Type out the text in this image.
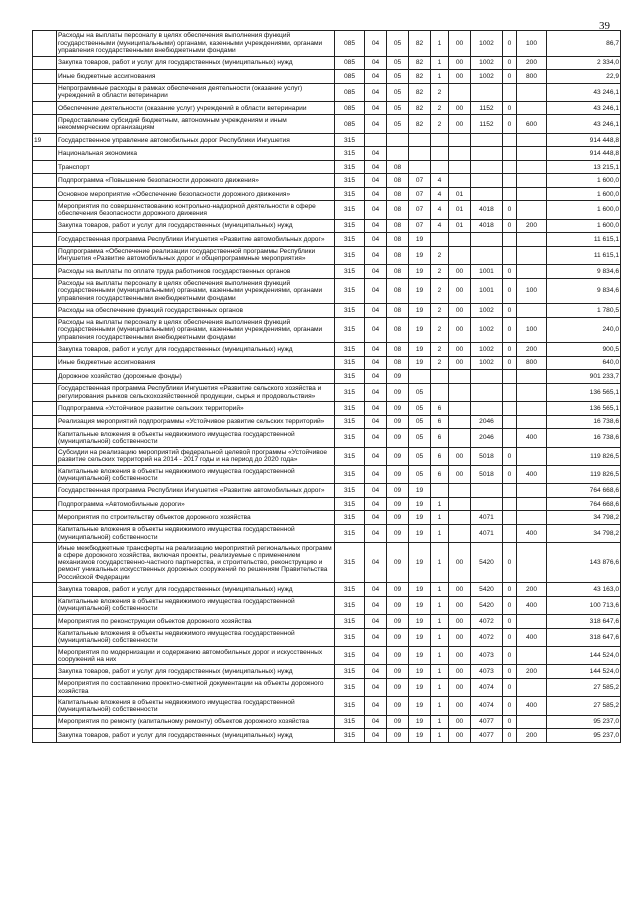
39
	Расходы на выплаты персоналу в целях обеспечения выполнения функций государственными (муниципальными) органами, казенными учреждениями, органами управления государственными внебюджетными фондами	085	04	05	82	1	00	1002	0	100	86,7
	Закупка товаров, работ и услуг для государственных (муниципальных) нужд	085	04	05	82	1	00	1002	0	200	2 334,0
	Иные бюджетные ассигнования	085	04	05	82	1	00	1002	0	800	22,9
	Непрограммные расходы в рамках обеспечения деятельности (оказание услуг) учреждений в области ветеринарии	085	04	05	82	2					43 246,1
	Обеспечение деятельности (оказание услуг) учреждений в области ветеринарии	085	04	05	82	2	00	1152	0		43 246,1
	Предоставление субсидий бюджетным, автономным учреждениям и иным некоммерческим организациям	085	04	05	82	2	00	1152	0	600	43 246,1
19	Государственное управление автомобильных дорог Республики Ингушетия	315									914 448,8
	Национальная экономика	315	04								914 448,8
	Транспорт	315	04	08							13 215,1
	Подпрограмма «Повышение безопасности дорожного движения»	315	04	08	07	4					1 600,0
	Основное мероприятие «Обеспечение безопасности дорожного движения»	315	04	08	07	4	01				1 600,0
	Мероприятия по совершенствованию контрольно-надзорной деятельности в сфере обеспечения безопасности дорожного движения	315	04	08	07	4	01	4018	0		1 600,0
	Закупка товаров, работ и услуг для государственных (муниципальных) нужд	315	04	08	07	4	01	4018	0	200	1 600,0
	Государственная программа Республики Ингушетия «Развитие автомобильных дорог»	315	04	08	19						11 615,1
	Подпрограмма «Обеспечение реализации государственной программы Республики Ингушетия «Развитие автомобильных дорог и общепрограммные мероприятия»	315	04	08	19	2					11 615,1
	Расходы на выплаты по оплате труда работников государственных органов	315	04	08	19	2	00	1001	0		9 834,6
	Расходы на выплаты персоналу в целях обеспечения выполнения функций государственными (муниципальными) органами, казенными учреждениями, органами управления государственными внебюджетными фондами	315	04	08	19	2	00	1001	0	100	9 834,6
	Расходы на обеспечение функций государственных органов	315	04	08	19	2	00	1002	0		1 780,5
	Расходы на выплаты персоналу в целях обеспечения выполнения функций государственными (муниципальными) органами, казенными учреждениями, органами управления государственными внебюджетными фондами	315	04	08	19	2	00	1002	0	100	240,0
	Закупка товаров, работ и услуг для государственных (муниципальных) нужд	315	04	08	19	2	00	1002	0	200	900,5
	Иные бюджетные ассигнования	315	04	08	19	2	00	1002	0	800	640,0
	Дорожное хозяйство (дорожные фонды)	315	04	09							901 233,7
	Государственная программа Республики Ингушетия «Развитие сельского хозяйства и регулирования рынков сельскохозяйственной продукции, сырья и продовольствия»	315	04	09	05						136 565,1
	Подпрограмма «Устойчивое развитие сельских территорий»	315	04	09	05	6					136 565,1
	Реализация мероприятий подпрограммы «Устойчивое развитие сельских территорий»	315	04	09	05	6		2046			16 738,6
	Капитальные вложения в объекты недвижимого имущества государственной (муниципальной) собственности	315	04	09	05	6		2046		400	16 738,6
	Субсидии на реализацию мероприятий федеральной целевой программы «Устойчивое развитие сельских территорий на 2014 - 2017 годы и на период до 2020 года»	315	04	09	05	6	00	5018	0		119 826,5
	Капитальные вложения в объекты недвижимого имущества государственной (муниципальной) собственности	315	04	09	05	6	00	5018	0	400	119 826,5
	Государственная программа Республики Ингушетия «Развитие автомобильных дорог»	315	04	09	19						764 668,6
	Подпрограмма «Автомобильные дороги»	315	04	09	19	1					764 668,6
	Мероприятия по строительству объектов дорожного хозяйства	315	04	09	19	1		4071			34 798,2
	Капитальные вложения в объекты недвижимого имущества государственной (муниципальной) собственности	315	04	09	19	1		4071		400	34 798,2
	Иные межбюджетные трансферты на реализацию мероприятий региональных программ в сфере дорожного хозяйства, включая проекты, реализуемые с применением механизмов государственно-частного партнерства, и строительство, реконструкцию и ремонт уникальных искусственных дорожных сооружений по решениям Правительства Российской Федерации	315	04	09	19	1	00	5420	0		143 876,6
	Закупка товаров, работ и услуг для государственных (муниципальных) нужд	315	04	09	19	1	00	5420	0	200	43 163,0
	Капитальные вложения в объекты недвижимого имущества государственной (муниципальной) собственности	315	04	09	19	1	00	5420	0	400	100 713,6
	Мероприятия по реконструкции объектов дорожного хозяйства	315	04	09	19	1	00	4072	0		318 647,6
	Капитальные вложения в объекты недвижимого имущества государственной (муниципальной) собственности	315	04	09	19	1	00	4072	0	400	318 647,6
	Мероприятия по модернизации и содержанию автомобильных дорог и искусственных сооружений на них	315	04	09	19	1	00	4073	0		144 524,0
	Закупка товаров, работ и услуг для государственных (муниципальных) нужд	315	04	09	19	1	00	4073	0	200	144 524,0
	Мероприятия по составлению проектно-сметной документации на объекты дорожного хозяйства	315	04	09	19	1	00	4074	0		27 585,2
	Капитальные вложения в объекты недвижимого имущества государственной (муниципальной) собственности	315	04	09	19	1	00	4074	0	400	27 585,2
	Мероприятия по ремонту (капитальному ремонту) объектов дорожного хозяйства	315	04	09	19	1	00	4077	0		95 237,0
	Закупка товаров, работ и услуг для государственных (муниципальных) нужд	315	04	09	19	1	00	4077	0	200	95 237,0
